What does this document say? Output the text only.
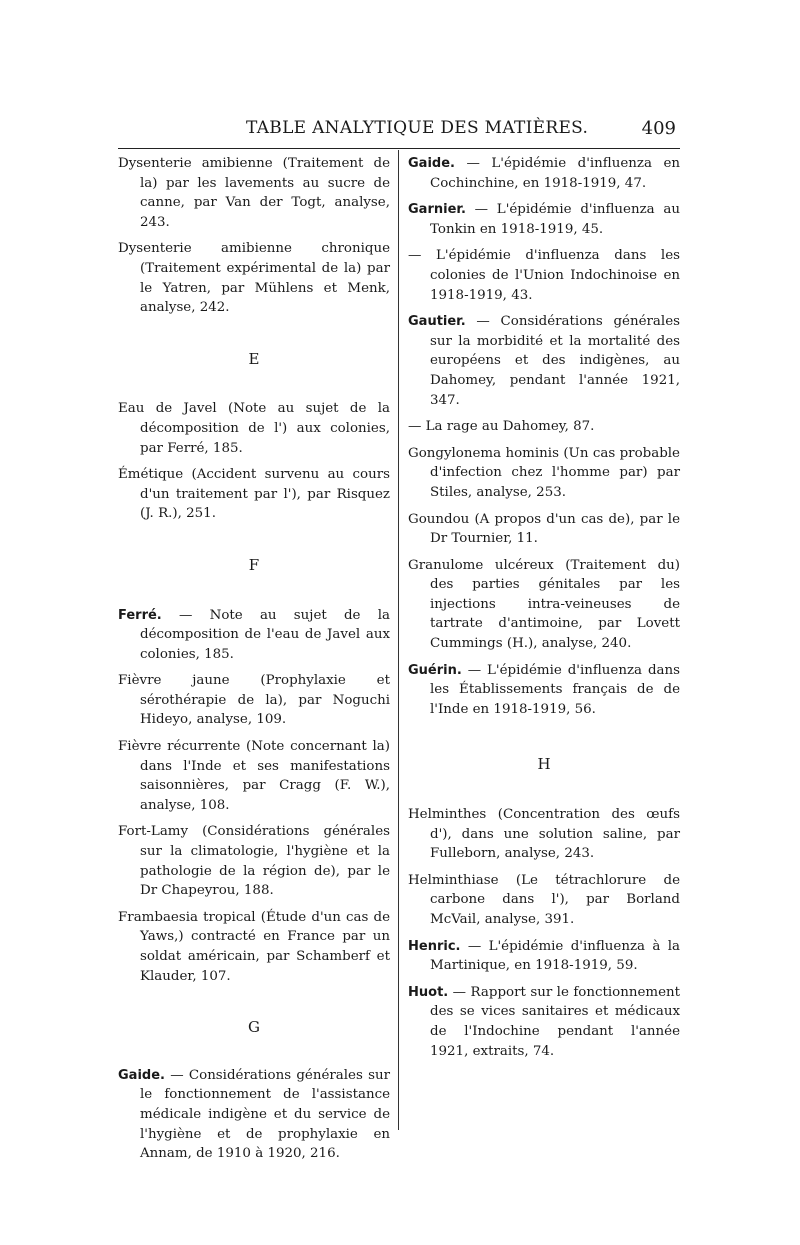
TABLE ANALYTIQUE DES MATIÈRES.	409

Dysenterie amibienne (Traitement de la) par les lavements au sucre de canne, par Van der Togt, analyse, 243.

Dysenterie amibienne chronique (Traitement expérimental de la) par le Yatren, par Mühlens et Menk, analyse, 242.

E

Eau de Javel (Note au sujet de la décomposition de l') aux colonies, par Ferré, 185.

Émétique (Accident survenu au cours d'un traitement par l'), par Risquez (J. R.), 251.

F

Ferré. — Note au sujet de la décomposition de l'eau de Javel aux colonies, 185.

Fièvre jaune (Prophylaxie et sérothérapie de la), par Noguchi Hideyo, analyse, 109.

Fièvre récurrente (Note concernant la) dans l'Inde et ses manifestations saisonnières, par Cragg (F. W.), analyse, 108.

Fort-Lamy (Considérations générales sur la climatologie, l'hygiène et la pathologie de la région de), par le Dr Chapeyrou, 188.

Frambaesia tropical (Étude d'un cas de Yaws,) contracté en France par un soldat américain, par Schamberf et Klauder, 107.

G

Gaide. — Considérations générales sur le fonctionnement de l'assistance médicale indigène et du service de l'hygiène et de prophylaxie en Annam, de 1910 à 1920, 216.

Gaide. — L'épidémie d'influenza en Cochinchine, en 1918-1919, 47.

Garnier. — L'épidémie d'influenza au Tonkin en 1918-1919, 45.

— L'épidémie d'influenza dans les colonies de l'Union Indochinoise en 1918-1919, 43.

Gautier. — Considérations générales sur la morbidité et la mortalité des européens et des indigènes, au Dahomey, pendant l'année 1921, 347.

— La rage au Dahomey, 87.

Gongylonema hominis (Un cas probable d'infection chez l'homme par) par Stiles, analyse, 253.

Goundou (A propos d'un cas de), par le Dr Tournier, 11.

Granulome ulcéreux (Traitement du) des parties génitales par les injections intra-veineuses de tartrate d'antimoine, par Lovett Cummings (H.), analyse, 240.

Guérin. — L'épidémie d'influenza dans les Établissements français de de l'Inde en 1918-1919, 56.

H

Helminthes (Concentration des œufs d'), dans une solution saline, par Fulleborn, analyse, 243.

Helminthiase (Le tétrachlorure de carbone dans l'), par Borland McVail, analyse, 391.

Henric. — L'épidémie d'influenza à la Martinique, en 1918-1919, 59.

Huot. — Rapport sur le fonctionnement des se vices sanitaires et médicaux de l'Indochine pendant l'année 1921, extraits, 74.
